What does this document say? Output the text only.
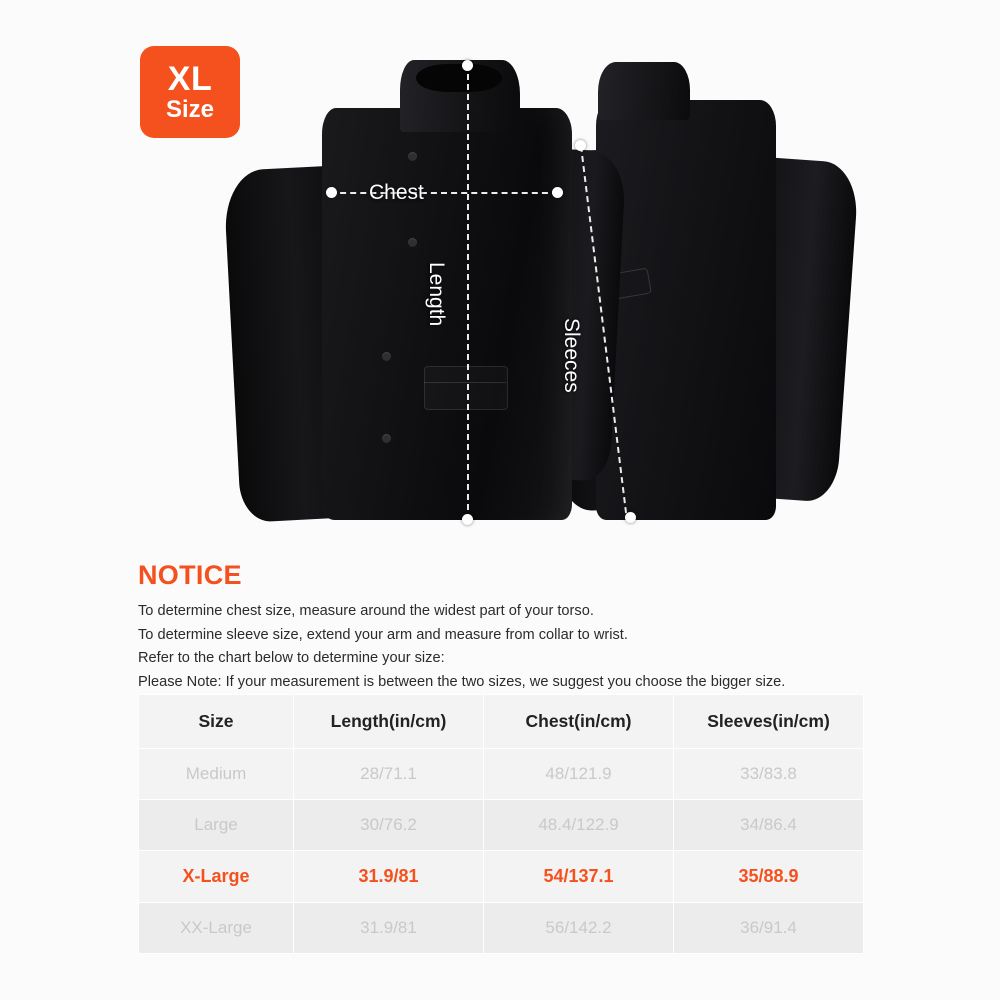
XL
Size
Chest
Length
Sleeces
NOTICE
To determine chest size, measure around the widest part of your torso.
To determine sleeve size, extend your arm and measure from collar to wrist.
Refer to the chart below to determine your size:
Please Note: If your measurement is between the two sizes, we suggest you choose the bigger size.
Size	Length(in/cm)	Chest(in/cm)	Sleeves(in/cm)
Medium	28/71.1	48/121.9	33/83.8
Large	30/76.2	48.4/122.9	34/86.4
X-Large	31.9/81	54/137.1	35/88.9
XX-Large	31.9/81	56/142.2	36/91.4
